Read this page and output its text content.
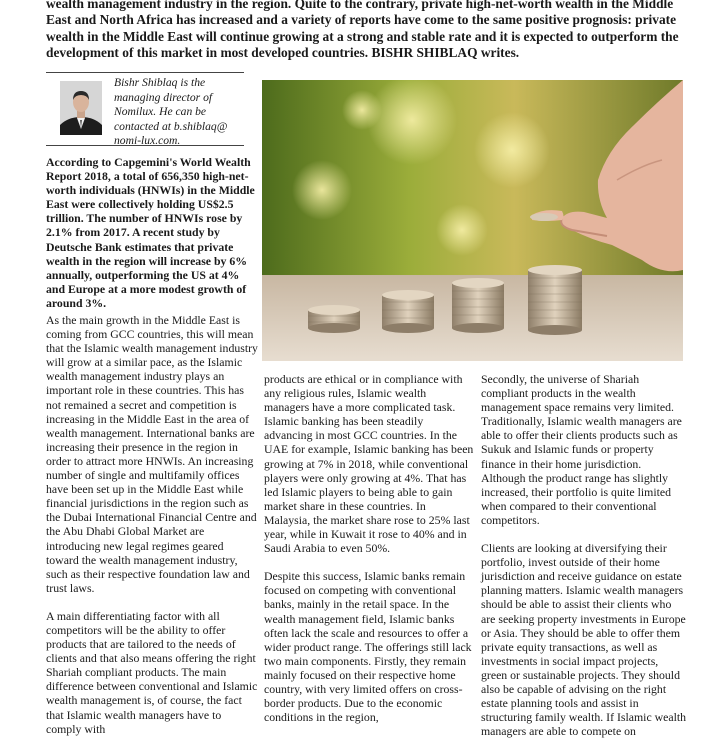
wealth management industry in the region. Quite to the contrary, private high-net-worth wealth in the Middle East and North Africa has increased and a variety of reports have come to the same positive prognosis: private wealth in the Middle East will continue growing at a strong and stable rate and it is expected to outperform the development of this market in most developed countries. BISHR SHIBLAQ writes.
Bishr Shiblaq is the managing director of Nomilux. He can be contacted at b.shiblaq@ nomi-lux.com.
According to Capgemini's World Wealth Report 2018, a total of 656,350 high-net-worth individuals (HNWIs) in the Middle East were collectively holding US$2.5 trillion. The number of HNWIs rose by 2.1% from 2017. A recent study by Deutsche Bank estimates that private wealth in the region will increase by 6% annually, outperforming the US at 4% and Europe at a more modest growth of around 3%.

As the main growth in the Middle East is coming from GCC countries, this will mean that the Islamic wealth management industry will grow at a similar pace, as the Islamic wealth management industry plays an important role in these countries. This has not remained a secret and competition is increasing in the Middle East in the area of wealth management. International banks are increasing their presence in the region in order to attract more HNWIs. An increasing number of single and multifamily offices have been set up in the Middle East while financial jurisdictions in the region such as the Dubai International Financial Centre and the Abu Dhabi Global Market are introducing new legal regimes geared toward the wealth management industry, such as their respective foundation law and trust laws.

A main differentiating factor with all competitors will be the ability to offer products that are tailored to the needs of clients and that also means offering the right Shariah compliant products. The main difference between conventional and Islamic wealth management is, of course, the fact that Islamic wealth managers have to comply with

products are ethical or in compliance with any religious rules, Islamic wealth managers have a more complicated task. Islamic banking has been steadily advancing in most GCC countries. In the UAE for example, Islamic banking has been growing at 7% in 2018, while conventional players were only growing at 4%. That has led Islamic players to being able to gain market share in these countries. In Malaysia, the market share rose to 25% last year, while in Kuwait it rose to 40% and in Saudi Arabia to even 50%.

Despite this success, Islamic banks remain focused on competing with conventional banks, mainly in the retail space. In the wealth management field, Islamic banks often lack the scale and resources to offer a wider product range. The offerings still lack two main components. Firstly, they remain mainly focused on their respective home country, with very limited offers on cross-border products. Due to the economic conditions in the region,

Secondly, the universe of Shariah compliant products in the wealth management space remains very limited. Traditionally, Islamic wealth managers are able to offer their clients products such as Sukuk and Islamic funds or property finance in their home jurisdiction. Although the product range has slightly increased, their portfolio is quite limited when compared to their conventional competitors.

Clients are looking at diversifying their portfolio, invest outside of their home jurisdiction and receive guidance on estate planning matters. Islamic wealth managers should be able to assist their clients who are seeking property investments in Europe or Asia. They should be able to offer them private equity transactions, as well as investments in social impact projects, green or sustainable projects. They should also be capable of advising on the right estate planning tools and assist in structuring family wealth. If Islamic wealth managers are able to compete on
